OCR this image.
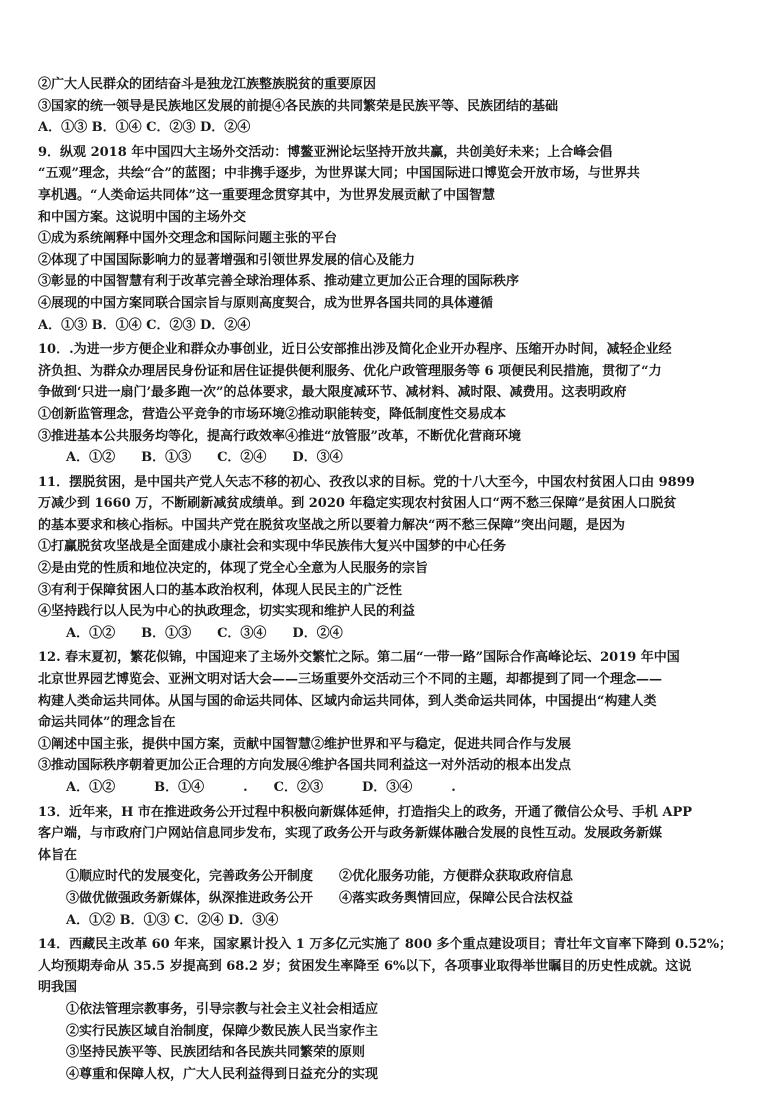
②广大人民群众的团结奋斗是独龙江族整族脱贫的重要原因
③国家的统一领导是民族地区发展的前提④各民族的共同繁荣是民族平等、民族团结的基础
A．①③ B．①④ C．②③ D．②④
9．纵观 2018 年中国四大主场外交活动：博鳌亚洲论坛坚持开放共赢，共创美好未来；上合峰会倡
“五观”理念，共绘“合”的蓝图；中非携手逐步，为世界谋大同；中国国际进口博览会开放市场，与世界共
享机遇。“人类命运共同体”这一重要理念贯穿其中，为世界发展贡献了中国智慧
和中国方案。这说明中国的主场外交
①成为系统阐释中国外交理念和国际问题主张的平台
②体现了中国国际影响力的显著增强和引领世界发展的信心及能力
③彰显的中国智慧有利于改革完善全球治理体系、推动建立更加公正合理的国际秩序
④展现的中国方案同联合国宗旨与原则高度契合，成为世界各国共同的具体遵循
A．①③ B．①④ C．②③ D．②④
10．.为进一步方便企业和群众办事创业，近日公安部推出涉及简化企业开办程序、压缩开办时间，减轻企业经
济负担、为群众办理居民身份证和居住证提供便利服务、优化户政管理服务等 6 项便民利民措施，贯彻了“力
争做到‘只进一扇门’最多跑一次”的总体要求，最大限度减环节、减材料、减时限、减费用。这表明政府
①创新监管理念，营造公平竞争的市场环境②推动职能转变，降低制度性交易成本
③推进基本公共服务均等化，提高行政效率④推进“放管服”改革，不断优化营商环境
A．①②　　B．①③　　C．②④　　D．③④
11．摆脱贫困，是中国共产党人矢志不移的初心、孜孜以求的目标。党的十八大至今，中国农村贫困人口由 9899
万减少到 1660 万，不断刷新减贫成绩单。到 2020 年稳定实现农村贫困人口“两不愁三保障”是贫困人口脱贫
的基本要求和核心指标。中国共产党在脱贫攻坚战之所以要着力解决“两不愁三保障”突出问题，是因为
①打赢脱贫攻坚战是全面建成小康社会和实现中华民族伟大复兴中国梦的中心任务
②是由党的性质和地位决定的，体现了党全心全意为人民服务的宗旨
③有利于保障贫困人口的基本政治权利，体现人民民主的广泛性
④坚持践行以人民为中心的执政理念，切实实现和维护人民的利益
A．①②　　B．①③　　C．③④　　D．②④
12. 春末夏初，繁花似锦，中国迎来了主场外交繁忙之际。第二届“一带一路”国际合作高峰论坛、2019 年中国
北京世界园艺博览会、亚洲文明对话大会——三场重要外交活动三个不同的主题，却都提到了同一个理念——
构建人类命运共同体。从国与国的命运共同体、区域内命运共同体，到人类命运共同体，中国提出“构建人类
命运共同体”的理念旨在
①阐述中国主张，提供中国方案，贡献中国智慧②维护世界和平与稳定，促进共同合作与发展
③推动国际秩序朝着更加公正合理的方向发展④维护各国共同利益这一对外活动的根本出发点
A．①②　　　B．①④　　　.　　C．②③　　　D．③④　　　.
13．近年来，H 市在推进政务公开过程中积极向新媒体延伸，打造指尖上的政务，开通了微信公众号、手机 APP
客户端，与市政府门户网站信息同步发布，实现了政务公开与政务新媒体融合发展的良性互动。发展政务新媒
体旨在
①顺应时代的发展变化，完善政务公开制度　　②优化服务功能，方便群众获取政府信息
③做优做强政务新媒体，纵深推进政务公开　　④落实政务舆情回应，保障公民合法权益
A．①② B．①③ C．②④ D．③④
14．西藏民主改革 60 年来，国家累计投入 1 万多亿元实施了 800 多个重点建设项目；青壮年文盲率下降到 0.52%；
人均预期寿命从 35.5 岁提高到 68.2 岁；贫困发生率降至 6%以下，各项事业取得举世瞩目的历史性成就。这说
明我国
①依法管理宗教事务，引导宗教与社会主义社会相适应
②实行民族区域自治制度，保障少数民族人民当家作主
③坚持民族平等、民族团结和各民族共同繁荣的原则
④尊重和保障人权，广大人民利益得到日益充分的实现
